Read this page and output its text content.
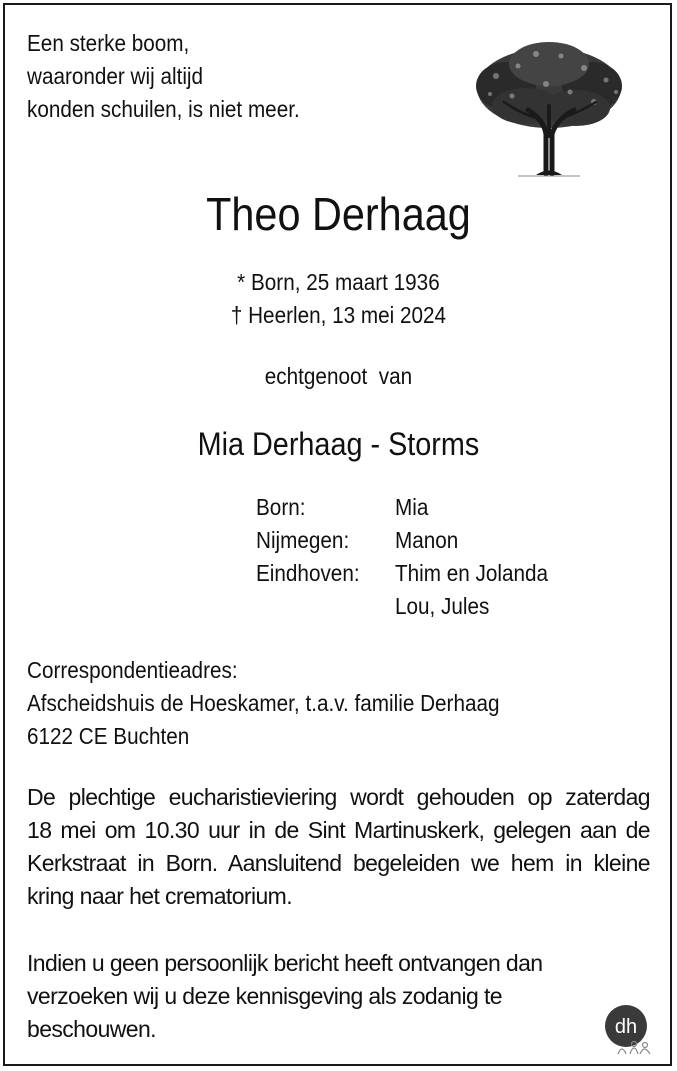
Een sterke boom,
waaronder wij altijd
konden schuilen, is niet meer.
Theo Derhaag
* Born, 25 maart 1936
† Heerlen, 13 mei 2024
echtgenoot  van
Mia Derhaag - Storms
Born:	Mia
Nijmegen: Manon
Eindhoven: Thim en Jolanda
Lou, Jules
Correspondentieadres:
Afscheidshuis de Hoeskamer, t.a.v. familie Derhaag
6122 CE Buchten
De plechtige eucharistieviering wordt gehouden op zaterdag
18 mei om 10.30 uur in de Sint Martinuskerk, gelegen aan de
Kerkstraat in Born. Aansluitend begeleiden we hem in kleine
kring naar het crematorium.
Indien u geen persoonlijk bericht heeft ontvangen dan
verzoeken wij u deze kennisgeving als zodanig te
beschouwen.	dh
